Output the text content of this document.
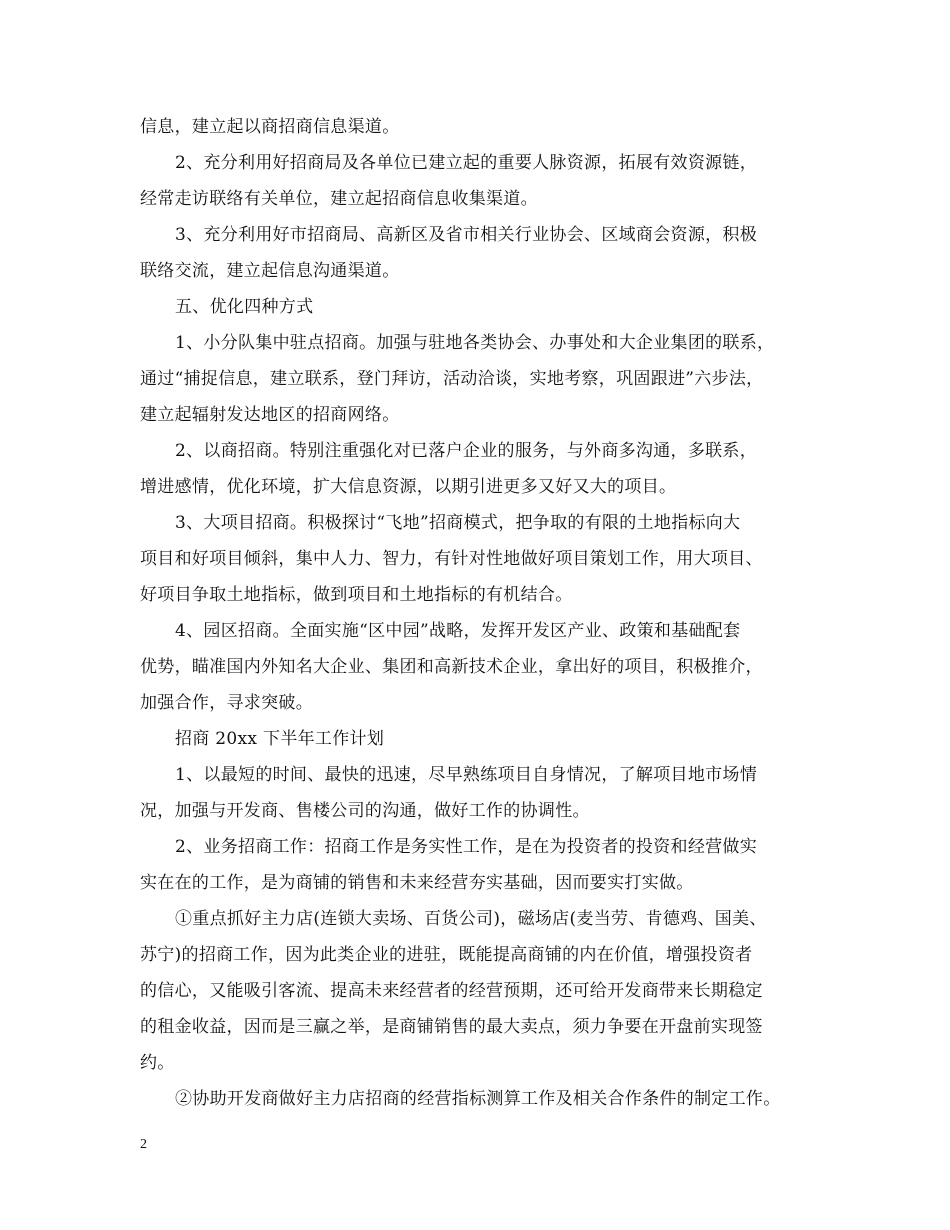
信息，建立起以商招商信息渠道。
2、充分利用好招商局及各单位已建立起的重要人脉资源，拓展有效资源链，
经常走访联络有关单位，建立起招商信息收集渠道。
3、充分利用好市招商局、高新区及省市相关行业协会、区域商会资源，积极
联络交流，建立起信息沟通渠道。
五、优化四种方式
1、小分队集中驻点招商。加强与驻地各类协会、办事处和大企业集团的联系，
通过“捕捉信息，建立联系，登门拜访，活动洽谈，实地考察，巩固跟进”六步法，
建立起辐射发达地区的招商网络。
2、以商招商。特别注重强化对已落户企业的服务，与外商多沟通，多联系，
增进感情，优化环境，扩大信息资源，以期引进更多又好又大的项目。
3、大项目招商。积极探讨“飞地”招商模式，把争取的有限的土地指标向大
项目和好项目倾斜，集中人力、智力，有针对性地做好项目策划工作，用大项目、
好项目争取土地指标，做到项目和土地指标的有机结合。
4、园区招商。全面实施“区中园”战略，发挥开发区产业、政策和基础配套
优势，瞄准国内外知名大企业、集团和高新技术企业，拿出好的项目，积极推介，
加强合作，寻求突破。
招商 20xx 下半年工作计划
1、以最短的时间、最快的迅速，尽早熟练项目自身情况，了解项目地市场情
况，加强与开发商、售楼公司的沟通，做好工作的协调性。
2、业务招商工作：招商工作是务实性工作，是在为投资者的投资和经营做实
实在在的工作，是为商铺的销售和未来经营夯实基础，因而要实打实做。
①重点抓好主力店(连锁大卖场、百货公司)，磁场店(麦当劳、肯德鸡、国美、
苏宁)的招商工作，因为此类企业的进驻，既能提高商铺的内在价值，增强投资者
的信心，又能吸引客流、提高未来经营者的经营预期，还可给开发商带来长期稳定
的租金收益，因而是三赢之举，是商铺销售的最大卖点，须力争要在开盘前实现签
约。
②协助开发商做好主力店招商的经营指标测算工作及相关合作条件的制定工作。
2
